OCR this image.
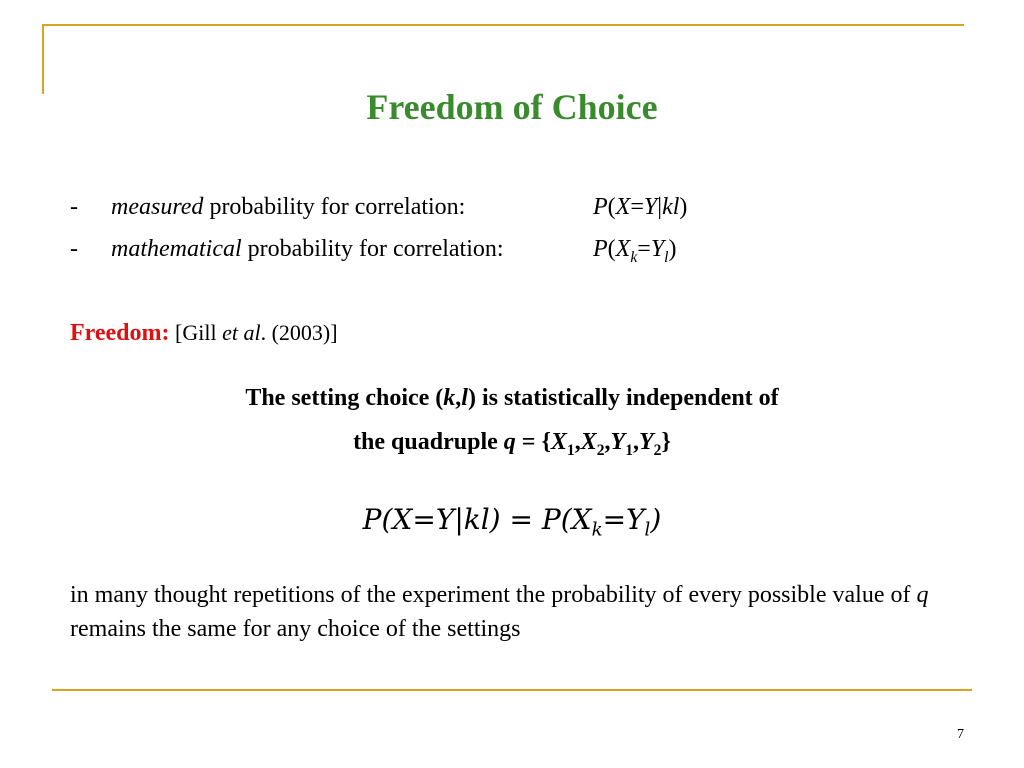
Freedom of Choice
- measured probability for correlation:	P(X=Y|kl)
- mathematical probability for correlation:	$P(X_k=Y_l)$
Freedom: [Gill et al. (2003)]
The setting choice (k,l) is statistically independent of
the quadruple $q = \{X_1,X_2,Y_1,Y_2\}$
$P(X=Y|kl) = P(X_k=Y_l)$
in many thought repetitions of the experiment the probability of every possible value of q remains the same for any choice of the settings
7
